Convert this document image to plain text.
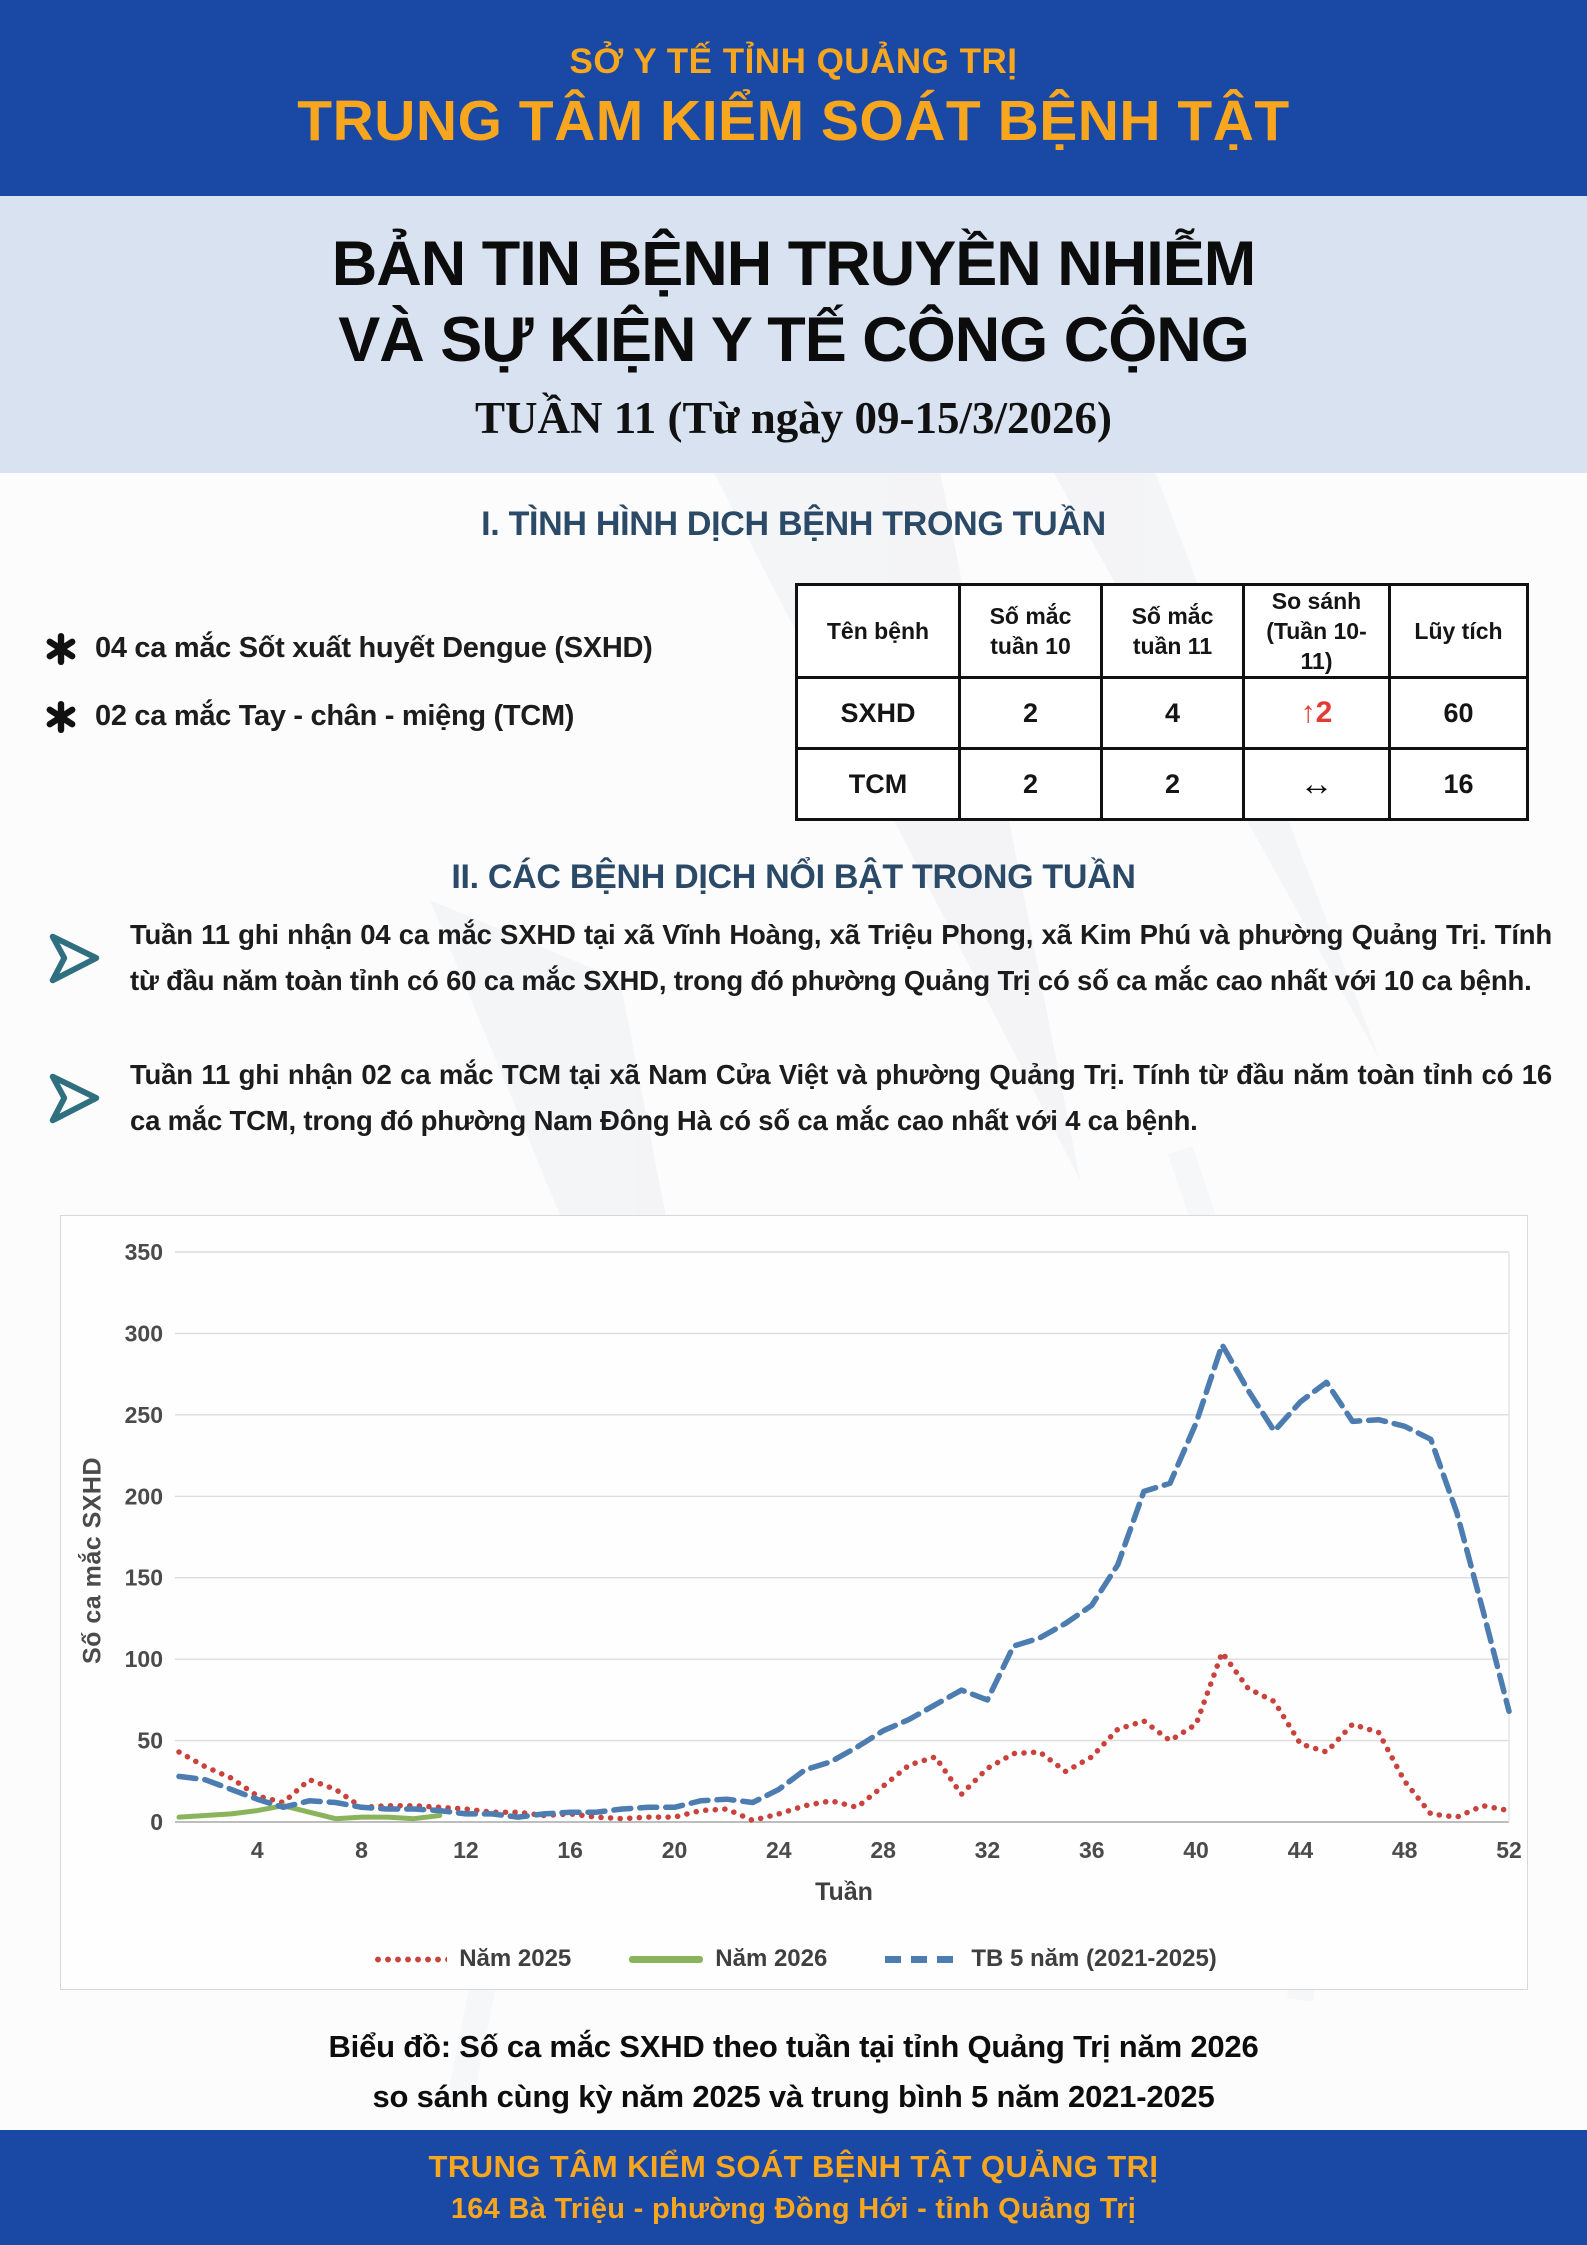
SỞ Y TẾ TỈNH QUẢNG TRỊ
TRUNG TÂM KIỂM SOÁT BỆNH TẬT
BẢN TIN BỆNH TRUYỀN NHIỄM
VÀ SỰ KIỆN Y TẾ CÔNG CỘNG
TUẦN 11 (Từ ngày 09-15/3/2026)
I. TÌNH HÌNH DỊCH BỆNH TRONG TUẦN
04 ca mắc Sốt xuất huyết Dengue (SXHD)
02 ca mắc Tay - chân - miệng (TCM)
Tên bệnh	Số mắc tuần 10	Số mắc tuần 11	So sánh (Tuần 10-11)	Lũy tích
SXHD	2	4	↑2	60
TCM	2	2	↔	16
II. CÁC BỆNH DỊCH NỔI BẬT TRONG TUẦN
Tuần 11 ghi nhận 04 ca mắc SXHD tại xã Vĩnh Hoàng, xã Triệu Phong, xã Kim Phú và phường Quảng Trị. Tính từ đầu năm toàn tỉnh có 60 ca mắc SXHD, trong đó phường Quảng Trị có số ca mắc cao nhất với 10 ca bệnh.
Tuần 11 ghi nhận 02 ca mắc TCM tại xã Nam Cửa Việt và phường Quảng Trị. Tính từ đầu năm toàn tỉnh có 16 ca mắc TCM, trong đó phường Nam Đông Hà có số ca mắc cao nhất với 4 ca bệnh.
Số ca mắc SXHD
0
50
100
150
200
250
300
350
4	8	12	16	20	24	28	32	36	40	44	48	52
Tuần
Năm 2025	Năm 2026	TB 5 năm (2021-2025)
Biểu đồ: Số ca mắc SXHD theo tuần tại tỉnh Quảng Trị năm 2026
so sánh cùng kỳ năm 2025 và trung bình 5 năm 2021-2025
TRUNG TÂM KIỂM SOÁT BỆNH TẬT QUẢNG TRỊ
164 Bà Triệu - phường Đồng Hới - tỉnh Quảng Trị
